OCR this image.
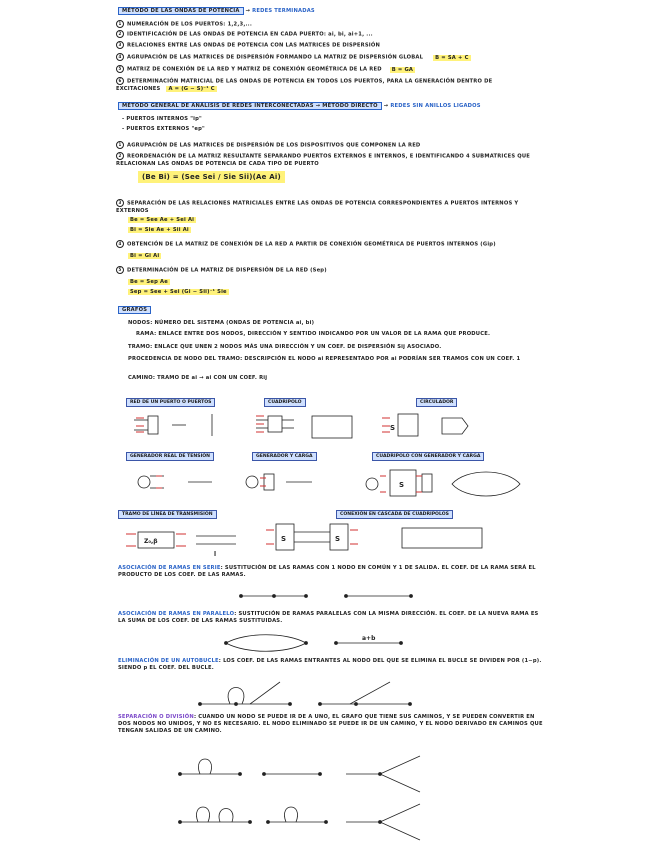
MÉTODO DE LAS ONDAS DE POTENCIA → REDES TERMINADAS
1 NUMERACIÓN DE LOS PUERTOS: 1,2,3,...
2 IDENTIFICACIÓN DE LAS ONDAS DE POTENCIA EN CADA PUERTO: ai, bi, ai+1, ...
3 RELACIONES ENTRE LAS ONDAS DE POTENCIA CON LAS MATRICES DE DISPERSIÓN
4 AGRUPACIÓN DE LAS MATRICES DE DISPERSIÓN FORMANDO LA MATRIZ DE DISPERSIÓN GLOBAL B = SA + C
5 MATRIZ DE CONEXIÓN DE LA RED Y MATRIZ DE CONEXIÓN GEOMÉTRICA DE LA RED B = GA
6 DETERMINACIÓN MATRICIAL DE LAS ONDAS DE POTENCIA EN TODOS LOS PUERTOS, PARA LA GENERACIÓN DENTRO DE EXCITACIONES A = (G − S)⁻¹ C
MÉTODO GENERAL DE ANÁLISIS DE REDES INTERCONECTADAS → MÉTODO DIRECTO → REDES SIN ANILLOS LIGADOS
- PUERTOS INTERNOS "ip"
- PUERTOS EXTERNOS "ep"
1 AGRUPACIÓN DE LAS MATRICES DE DISPERSIÓN DE LOS DISPOSITIVOS QUE COMPONEN LA RED
2 REORDENACIÓN DE LA MATRIZ RESULTANTE SEPARANDO PUERTOS EXTERNOS E INTERNOS, E IDENTIFICANDO 4 SUBMATRICES QUE RELACIONAN LAS ONDAS DE POTENCIA DE CADA TIPO DE PUERTO
(Be Bi) = (See Sei / Sie Sii)(Ae Ai)
3 SEPARACIÓN DE LAS RELACIONES MATRICIALES ENTRE LAS ONDAS DE POTENCIA CORRESPONDIENTES A PUERTOS INTERNOS Y EXTERNOS
Be = See Ae + Sei Ai
Bi = Sie Ae + Sii Ai
4 OBTENCIÓN DE LA MATRIZ DE CONEXIÓN DE LA RED A PARTIR DE CONEXIÓN GEOMÉTRICA DE PUERTOS INTERNOS (Gip)
Bi = Gi Ai
5 DETERMINACIÓN DE LA MATRIZ DE DISPERSIÓN DE LA RED (Sep)
Be = Sep Ae
Sep = See + Sei (Gi − Sii)⁻¹ Sie
GRAFOS
NODOS: NÚMERO DEL SISTEMA (ONDAS DE POTENCIA ai, bi)
RAMA: ENLACE ENTRE DOS NODOS, DIRECCIÓN Y SENTIDO INDICANDO POR UN VALOR DE LA RAMA QUE PRODUCE.
TRAMO: ENLACE QUE UNEN 2 NODOS MÁS UNA DIRECCIÓN Y UN COEF. DE DISPERSIÓN Sij ASOCIADO.
PROCEDENCIA DE NODO DEL TRAMO: DESCRIPCIÓN EL NODO ai REPRESENTADO POR ai PODRÍAN SER TRAMOS CON UN COEF. 1
CAMINO: TRAMO DE ai → ai CON UN COEF. Rij
RED DE UN PUERTO O PUERTOS	CUADRIPOLO	CIRCULADOR
GENERADOR REAL DE TENSIÓN	GENERADOR Y CARGA	CUADRIPOLO CON GENERADOR Y CARGA
TRAMO DE LÍNEA DE TRANSMISIÓN	CONEXIÓN EN CASCADA DE CUADRIPOLOS
S
S
S	S
Z₀,β
l
ASOCIACIÓN DE RAMAS EN SERIE: SUSTITUCIÓN DE LAS RAMAS CON 1 NODO EN COMÚN Y 1 DE SALIDA. EL COEF. DE LA RAMA SERÁ EL PRODUCTO DE LOS COEF. DE LAS RAMAS.
ASOCIACIÓN DE RAMAS EN PARALELO: SUSTITUCIÓN DE RAMAS PARALELAS CON LA MISMA DIRECCIÓN. EL COEF. DE LA NUEVA RAMA ES LA SUMA DE LOS COEF. DE LAS RAMAS SUSTITUIDAS.
a+b
ELIMINACIÓN DE UN AUTOBUCLE: LOS COEF. DE LAS RAMAS ENTRANTES AL NODO DEL QUE SE ELIMINA EL BUCLE SE DIVIDEN POR (1−p). SIENDO p EL COEF. DEL BUCLE.
SEPARACIÓN O DIVISIÓN: CUANDO UN NODO SE PUEDE IR DE A UNO, EL GRAFO QUE TIENE SUS CAMINOS, Y SE PUEDEN CONVERTIR EN DOS NODOS NO UNIDOS, Y NO ES NECESARIO. EL NODO ELIMINADO SE PUEDE IR DE UN CAMINO, Y EL NODO DERIVADO EN CAMINOS QUE TENGAN SALIDAS DE UN CAMINO.
